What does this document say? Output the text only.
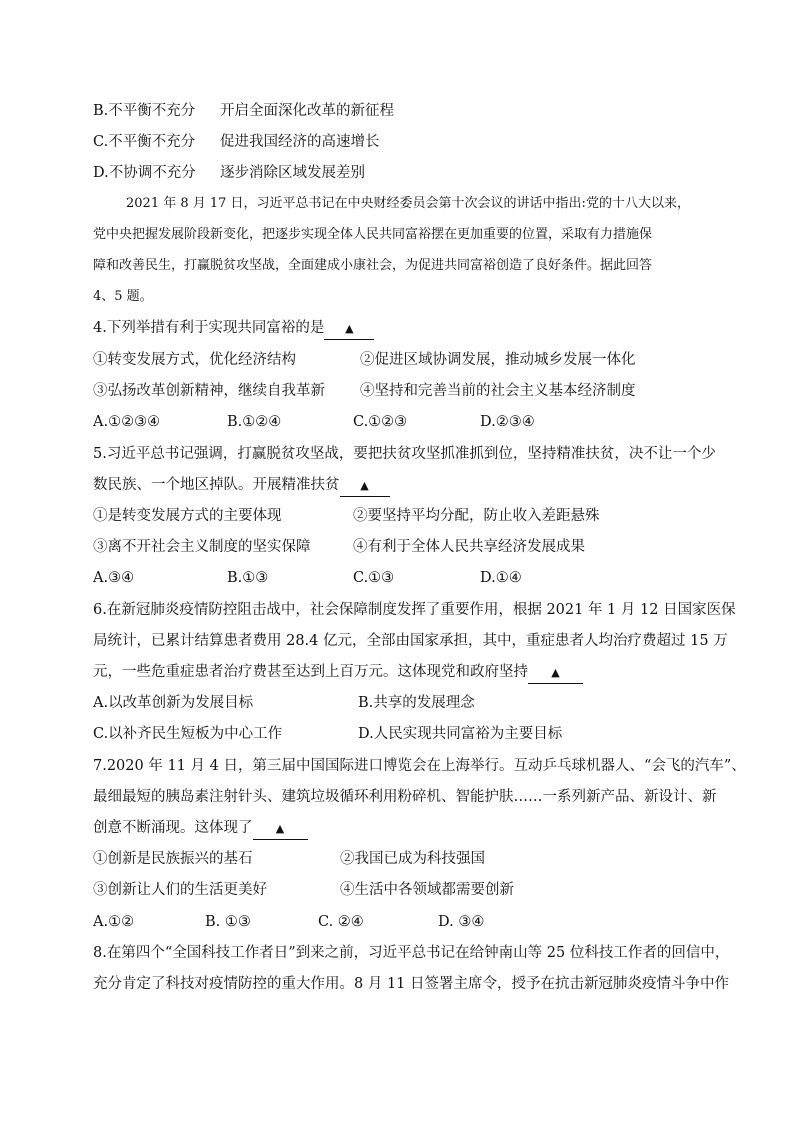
B.不平衡不充分 开启全面深化改革的新征程
C.不平衡不充分 促进我国经济的高速增长
D.不协调不充分 逐步消除区域发展差别
2021 年 8 月 17 日，习近平总书记在中央财经委员会第十次会议的讲话中指出:党的十八大以来，
党中央把握发展阶段新变化，把逐步实现全体人民共同富裕摆在更加重要的位置，采取有力措施保
障和改善民生，打赢脱贫攻坚战，全面建成小康社会，为促进共同富裕创造了良好条件。据此回答
4、5 题。
4.下列举措有利于实现共同富裕的是 ▲
①转变发展方式，优化经济结构	②促进区域协调发展，推动城乡发展一体化
③弘扬改革创新精神，继续自我革新 ④坚持和完善当前的社会主义基本经济制度
A.①②③④	B.①②④	C.①②③	D.②③④
5.习近平总书记强调，打赢脱贫攻坚战，要把扶贫攻坚抓准抓到位，坚持精准扶贫，决不让一个少
数民族、一个地区掉队。开展精准扶贫 ▲
①是转变发展方式的主要体现	②要坚持平均分配，防止收入差距悬殊
③离不开社会主义制度的坚实保障	④有利于全体人民共享经济发展成果
A.③④	B.①③	C.①③	D.①④
6.在新冠肺炎疫情防控阻击战中，社会保障制度发挥了重要作用，根据 2021 年 1 月 12 日国家医保
局统计，已累计结算患者费用 28.4 亿元，全部由国家承担，其中，重症患者人均治疗费超过 15 万
元，一些危重症患者治疗费甚至达到上百万元。这体现党和政府坚持 ▲
A.以改革创新为发展目标	B.共享的发展理念
C.以补齐民生短板为中心工作	D.人民实现共同富裕为主要目标
7.2020 年 11 月 4 日，第三届中国国际进口博览会在上海举行。互动乒乓球机器人、“会飞的汽车”、
最细最短的胰岛素注射针头、建筑垃圾循环利用粉碎机、智能护肤……一系列新产品、新设计、新
创意不断涌现。这体现了 ▲
①创新是民族振兴的基石	②我国已成为科技强国
③创新让人们的生活更美好	④生活中各领域都需要创新
A.①②	B. ①③	C. ②④	D. ③④
8.在第四个“全国科技工作者日”到来之前，习近平总书记在给钟南山等 25 位科技工作者的回信中，
充分肯定了科技对疫情防控的重大作用。8 月 11 日签署主席令，授予在抗击新冠肺炎疫情斗争中作
